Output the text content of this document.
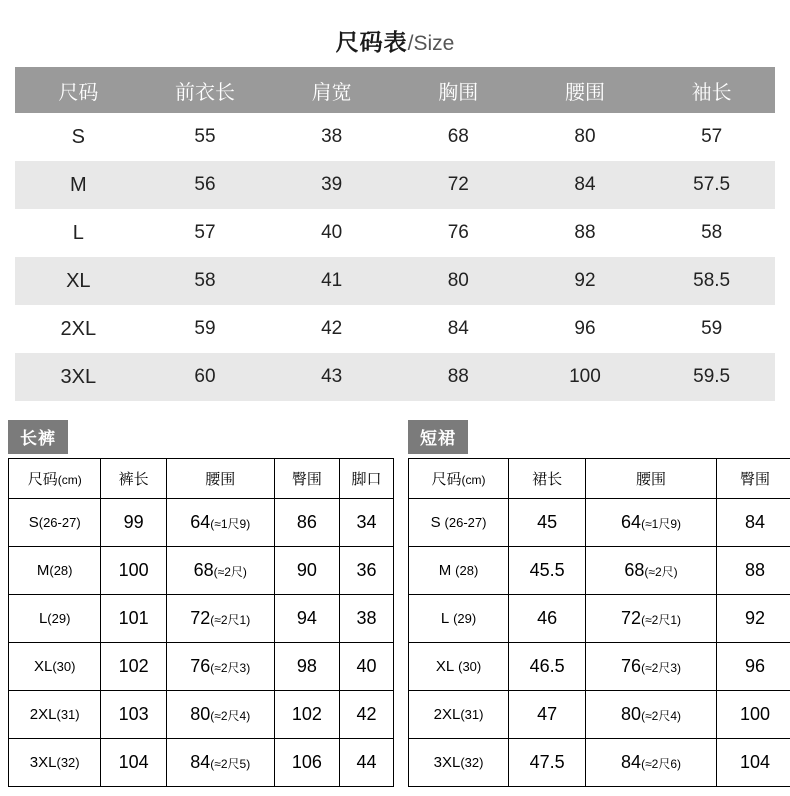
尺码表/Size
尺码	前衣长	肩宽	胸围	腰围	袖长
S	55	38	68	80	57
M	56	39	72	84	57.5
L	57	40	76	88	58
XL	58	41	80	92	58.5
2XL	59	42	84	96	59
3XL	60	43	88	100	59.5
长裤
尺码(cm)	裤长	腰围	臀围	脚口
S(26-27)	99	64(≈1尺9)	86	34
M(28)	100	68(≈2尺)	90	36
L(29)	101	72(≈2尺1)	94	38
XL(30)	102	76(≈2尺3)	98	40
2XL(31)	103	80(≈2尺4)	102	42
3XL(32)	104	84(≈2尺5)	106	44
短裙
尺码(cm)	裙长	腰围	臀围
S (26-27)	45	64(≈1尺9)	84
M (28)	45.5	68(≈2尺)	88
L (29)	46	72(≈2尺1)	92
XL (30)	46.5	76(≈2尺3)	96
2XL(31)	47	80(≈2尺4)	100
3XL(32)	47.5	84(≈2尺6)	104
